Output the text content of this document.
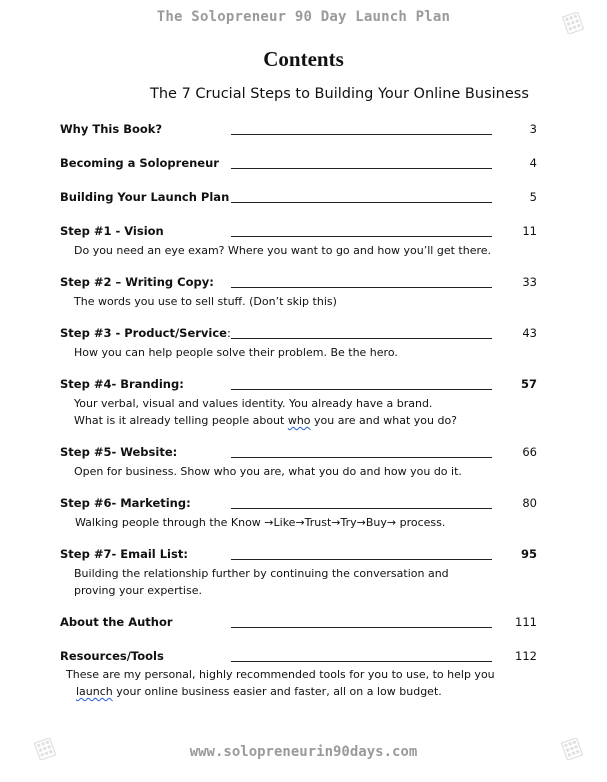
The Solopreneur 90 Day Launch Plan
Contents
The 7 Crucial Steps to Building Your Online Business
Why This Book?	3
Becoming a Solopreneur	4
Building Your Launch Plan	5
Step #1 - Vision	11
Do you need an eye exam? Where you want to go and how you’ll get there.
Step #2 – Writing Copy:	33
The words you use to sell stuff. (Don’t skip this)
Step #3 - Product/Service:	43
How you can help people solve their problem. Be the hero.
Step #4- Branding:	57
Your verbal, visual and values identity. You already have a brand.
What is it already telling people about who you are and what you do?
Step #5- Website:	66
Open for business. Show who you are, what you do and how you do it.
Step #6- Marketing:	80
Walking people through the Know →Like→Trust→Try→Buy→ process.
Step #7- Email List:	95
Building the relationship further by continuing the conversation and
proving your expertise.
About the Author	111
Resources/Tools	112
These are my personal, highly recommended tools for you to use, to help you
launch your online business easier and faster, all on a low budget.
www.solopreneurin90days.com
